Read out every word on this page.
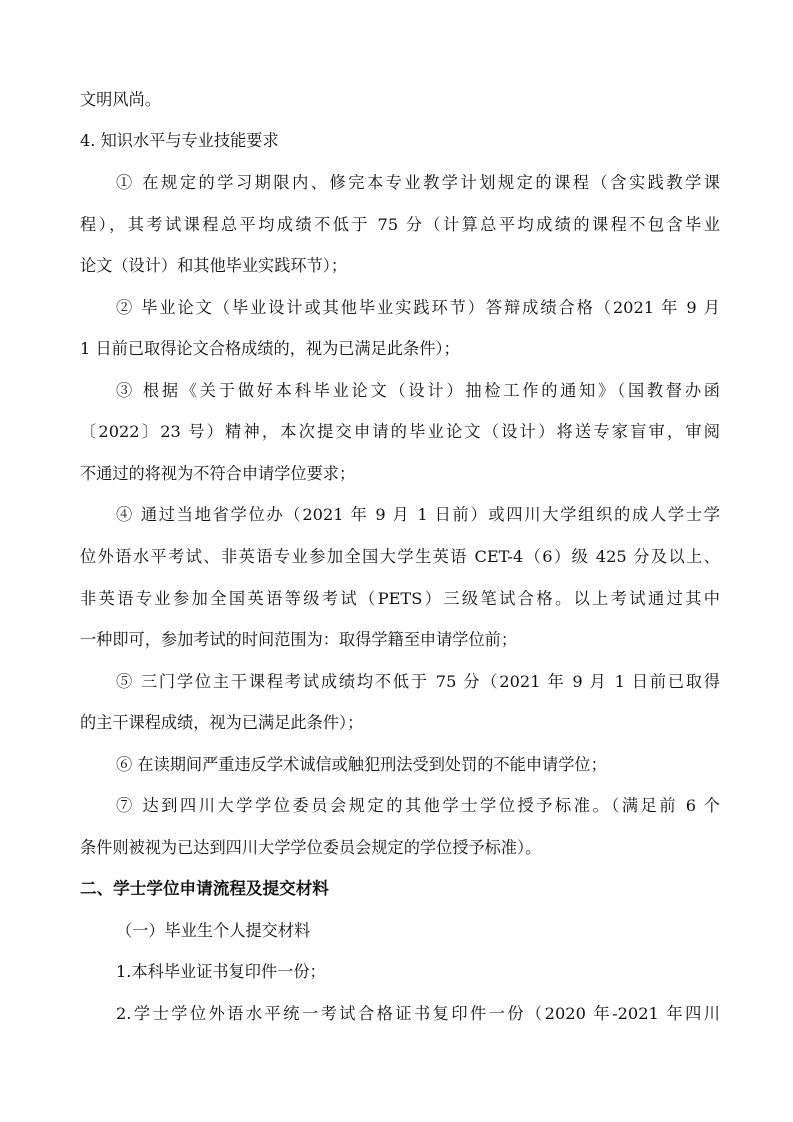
文明风尚。
4. 知识水平与专业技能要求
① 在规定的学习期限内、修完本专业教学计划规定的课程（含实践教学课
程），其考试课程总平均成绩不低于 75 分（计算总平均成绩的课程不包含毕业
论文（设计）和其他毕业实践环节）；
② 毕业论文（毕业设计或其他毕业实践环节）答辩成绩合格（2021 年 9 月
1 日前已取得论文合格成绩的，视为已满足此条件）；
③ 根据《关于做好本科毕业论文（设计）抽检工作的通知》（国教督办函
〔2022〕23 号）精神，本次提交申请的毕业论文（设计）将送专家盲审，审阅
不通过的将视为不符合申请学位要求；
④ 通过当地省学位办（2021 年 9 月 1 日前）或四川大学组织的成人学士学
位外语水平考试、非英语专业参加全国大学生英语 CET-4（6）级 425 分及以上、
非英语专业参加全国英语等级考试（PETS）三级笔试合格。以上考试通过其中
一种即可，参加考试的时间范围为：取得学籍至申请学位前；
⑤ 三门学位主干课程考试成绩均不低于 75 分（2021 年 9 月 1 日前已取得
的主干课程成绩，视为已满足此条件）；
⑥ 在读期间严重违反学术诚信或触犯刑法受到处罚的不能申请学位；
⑦ 达到四川大学学位委员会规定的其他学士学位授予标准。（满足前 6 个
条件则被视为已达到四川大学学位委员会规定的学位授予标准）。
二、学士学位申请流程及提交材料
（一）毕业生个人提交材料
1.本科毕业证书复印件一份；
2.学士学位外语水平统一考试合格证书复印件一份（2020 年-2021 年四川
